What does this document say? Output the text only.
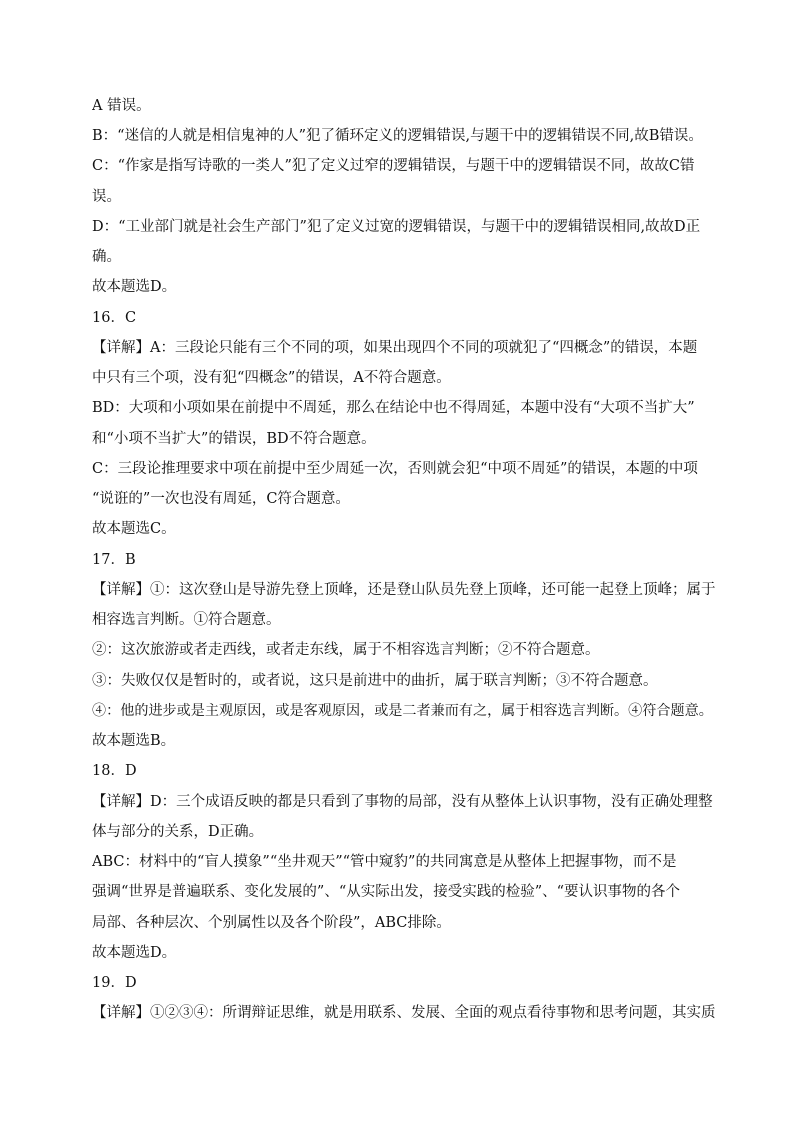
A 错误。
B：“迷信的人就是相信鬼神的人”犯了循环定义的逻辑错误,与题干中的逻辑错误不同,故B错误。
C：“作家是指写诗歌的一类人”犯了定义过窄的逻辑错误，与题干中的逻辑错误不同，故故C错
误。
D：“工业部门就是社会生产部门”犯了定义过宽的逻辑错误，与题干中的逻辑错误相同,故故D正
确。
故本题选D。
16．C
【详解】A：三段论只能有三个不同的项，如果出现四个不同的项就犯了“四概念”的错误，本题
中只有三个项，没有犯“四概念”的错误，A不符合题意。
BD：大项和小项如果在前提中不周延，那么在结论中也不得周延，本题中没有“大项不当扩大”
和“小项不当扩大”的错误，BD不符合题意。
C：三段论推理要求中项在前提中至少周延一次，否则就会犯“中项不周延”的错误，本题的中项
“说诳的”一次也没有周延，C符合题意。
故本题选C。
17．B
【详解】①：这次登山是导游先登上顶峰，还是登山队员先登上顶峰，还可能一起登上顶峰；属于
相容选言判断。①符合题意。
②：这次旅游或者走西线，或者走东线，属于不相容选言判断；②不符合题意。
③：失败仅仅是暂时的，或者说，这只是前进中的曲折，属于联言判断；③不符合题意。
④：他的进步或是主观原因，或是客观原因，或是二者兼而有之，属于相容选言判断。④符合题意。
故本题选B。
18．D
【详解】D：三个成语反映的都是只看到了事物的局部，没有从整体上认识事物，没有正确处理整
体与部分的关系，D正确。
ABC：材料中的“盲人摸象”“坐井观天”“管中窥豹”的共同寓意是从整体上把握事物，而不是
强调“世界是普遍联系、变化发展的”、“从实际出发，接受实践的检验”、“要认识事物的各个
局部、各种层次、个别属性以及各个阶段”，ABC排除。
故本题选D。
19．D
【详解】①②③④：所谓辩证思维，就是用联系、发展、全面的观点看待事物和思考问题，其实质
